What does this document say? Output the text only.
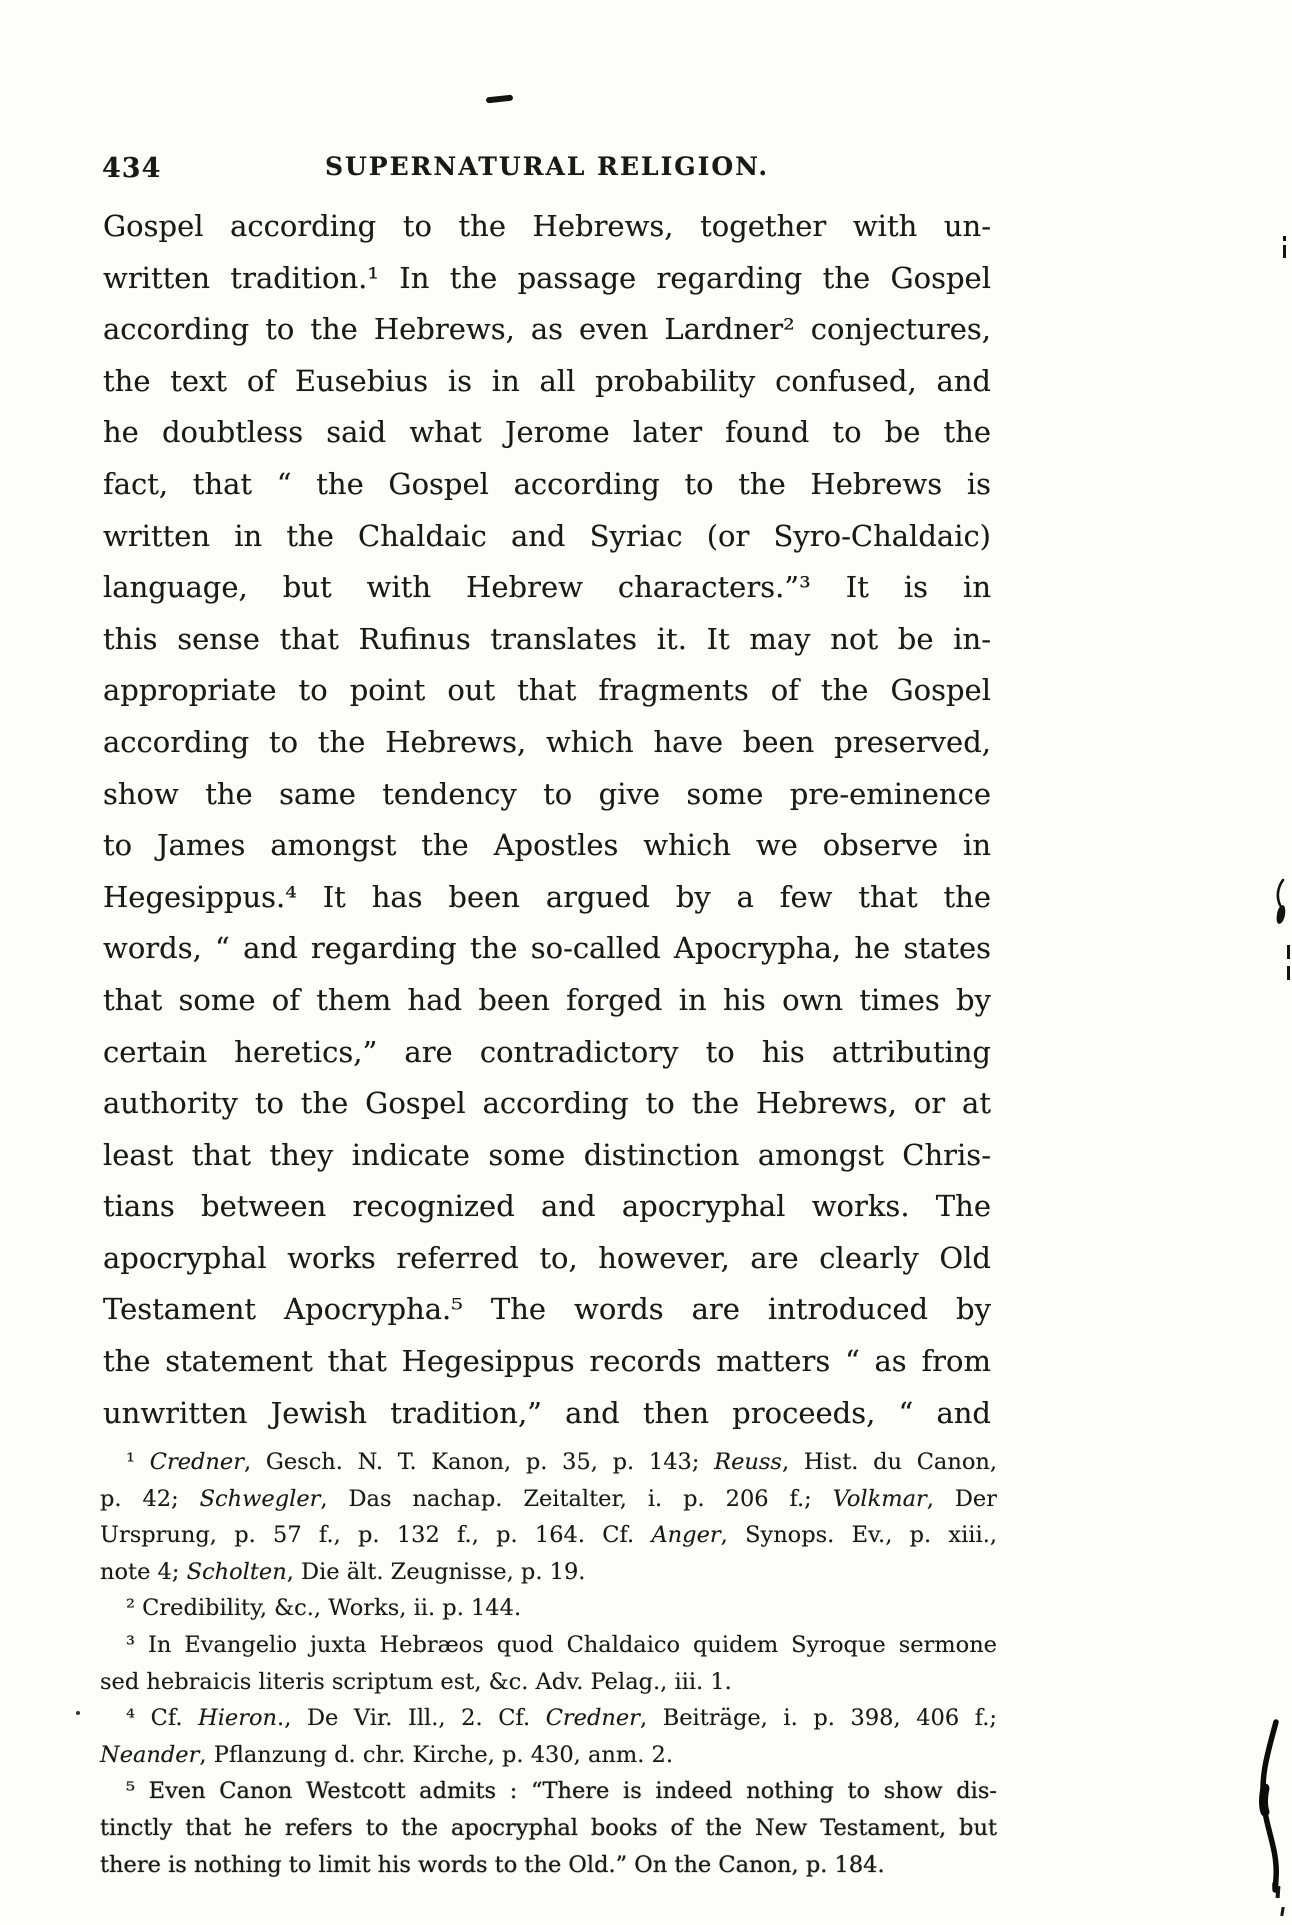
434	SUPERNATURAL RELIGION.
Gospel according to the Hebrews, together with un-
written tradition.¹ In the passage regarding the Gospel
according to the Hebrews, as even Lardner² conjectures,
the text of Eusebius is in all probability confused, and
he doubtless said what Jerome later found to be the
fact, that “ the Gospel according to the Hebrews is
written in the Chaldaic and Syriac (or Syro-Chaldaic)
language, but with Hebrew characters.”³ It is in
this sense that Rufinus translates it. It may not be in-
appropriate to point out that fragments of the Gospel
according to the Hebrews, which have been preserved,
show the same tendency to give some pre-eminence
to James amongst the Apostles which we observe in
Hegesippus.⁴ It has been argued by a few that the
words, “ and regarding the so-called Apocrypha, he states
that some of them had been forged in his own times by
certain heretics,” are contradictory to his attributing
authority to the Gospel according to the Hebrews, or at
least that they indicate some distinction amongst Chris-
tians between recognized and apocryphal works. The
apocryphal works referred to, however, are clearly Old
Testament Apocrypha.⁵ The words are introduced by
the statement that Hegesippus records matters “ as from
unwritten Jewish tradition,” and then proceeds, “ and
¹ Credner, Gesch. N. T. Kanon, p. 35, p. 143; Reuss, Hist. du Canon,
p. 42; Schwegler, Das nachap. Zeitalter, i. p. 206 f.; Volkmar, Der
Ursprung, p. 57 f., p. 132 f., p. 164. Cf. Anger, Synops. Ev., p. xiii.,
note 4; Scholten, Die ält. Zeugnisse, p. 19.
² Credibility, &c., Works, ii. p. 144.
³ In Evangelio juxta Hebræos quod Chaldaico quidem Syroque sermone
sed hebraicis literis scriptum est, &c. Adv. Pelag., iii. 1.
⁴ Cf. Hieron., De Vir. Ill., 2. Cf. Credner, Beiträge, i. p. 398, 406 f.;
Neander, Pflanzung d. chr. Kirche, p. 430, anm. 2.
⁵ Even Canon Westcott admits : “There is indeed nothing to show dis-
tinctly that he refers to the apocryphal books of the New Testament, but
there is nothing to limit his words to the Old.” On the Canon, p. 184.
